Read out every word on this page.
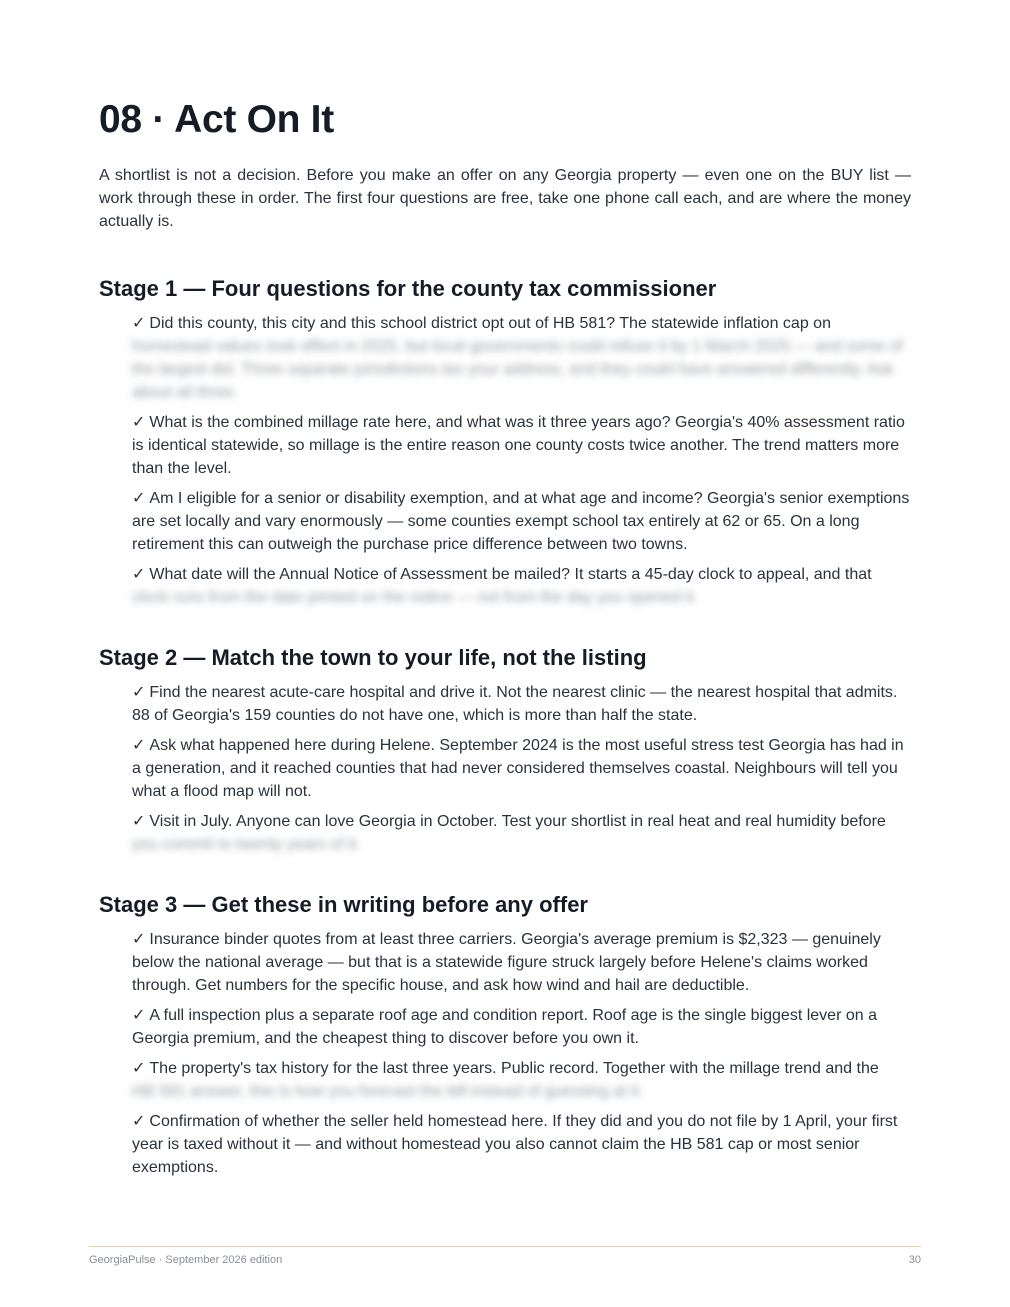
08 · Act On It

A shortlist is not a decision. Before you make an offer on any Georgia property — even one on the BUY list — work through these in order. The first four questions are free, take one phone call each, and are where the money actually is.

Stage 1 — Four questions for the county tax commissioner
✓ Did this county, this city and this school district opt out of HB 581? The statewide inflation cap on homestead values took effect in 2025, but local governments could refuse it by 1 March 2025 — and some of the largest did. Three separate jurisdictions tax your address, and they could have answered differently. Ask about all three.
✓ What is the combined millage rate here, and what was it three years ago? Georgia's 40% assessment ratio is identical statewide, so millage is the entire reason one county costs twice another. The trend matters more than the level.
✓ Am I eligible for a senior or disability exemption, and at what age and income? Georgia's senior exemptions are set locally and vary enormously — some counties exempt school tax entirely at 62 or 65. On a long retirement this can outweigh the purchase price difference between two towns.
✓ What date will the Annual Notice of Assessment be mailed? It starts a 45-day clock to appeal, and that clock runs from the date printed on the notice — not from the day you opened it.
Stage 2 — Match the town to your life, not the listing
✓ Find the nearest acute-care hospital and drive it. Not the nearest clinic — the nearest hospital that admits. 88 of Georgia's 159 counties do not have one, which is more than half the state.
✓ Ask what happened here during Helene. September 2024 is the most useful stress test Georgia has had in a generation, and it reached counties that had never considered themselves coastal. Neighbours will tell you what a flood map will not.
✓ Visit in July. Anyone can love Georgia in October. Test your shortlist in real heat and real humidity before you commit to twenty years of it.
Stage 3 — Get these in writing before any offer
✓ Insurance binder quotes from at least three carriers. Georgia's average premium is $2,323 — genuinely below the national average — but that is a statewide figure struck largely before Helene's claims worked through. Get numbers for the specific house, and ask how wind and hail are deductible.
✓ A full inspection plus a separate roof age and condition report. Roof age is the single biggest lever on a Georgia premium, and the cheapest thing to discover before you own it.
✓ The property's tax history for the last three years. Public record. Together with the millage trend and the HB 581 answer, this is how you forecast the bill instead of guessing at it.
✓ Confirmation of whether the seller held homestead here. If they did and you do not file by 1 April, your first year is taxed without it — and without homestead you also cannot claim the HB 581 cap or most senior exemptions.
GeorgiaPulse · September 2026 edition	30
